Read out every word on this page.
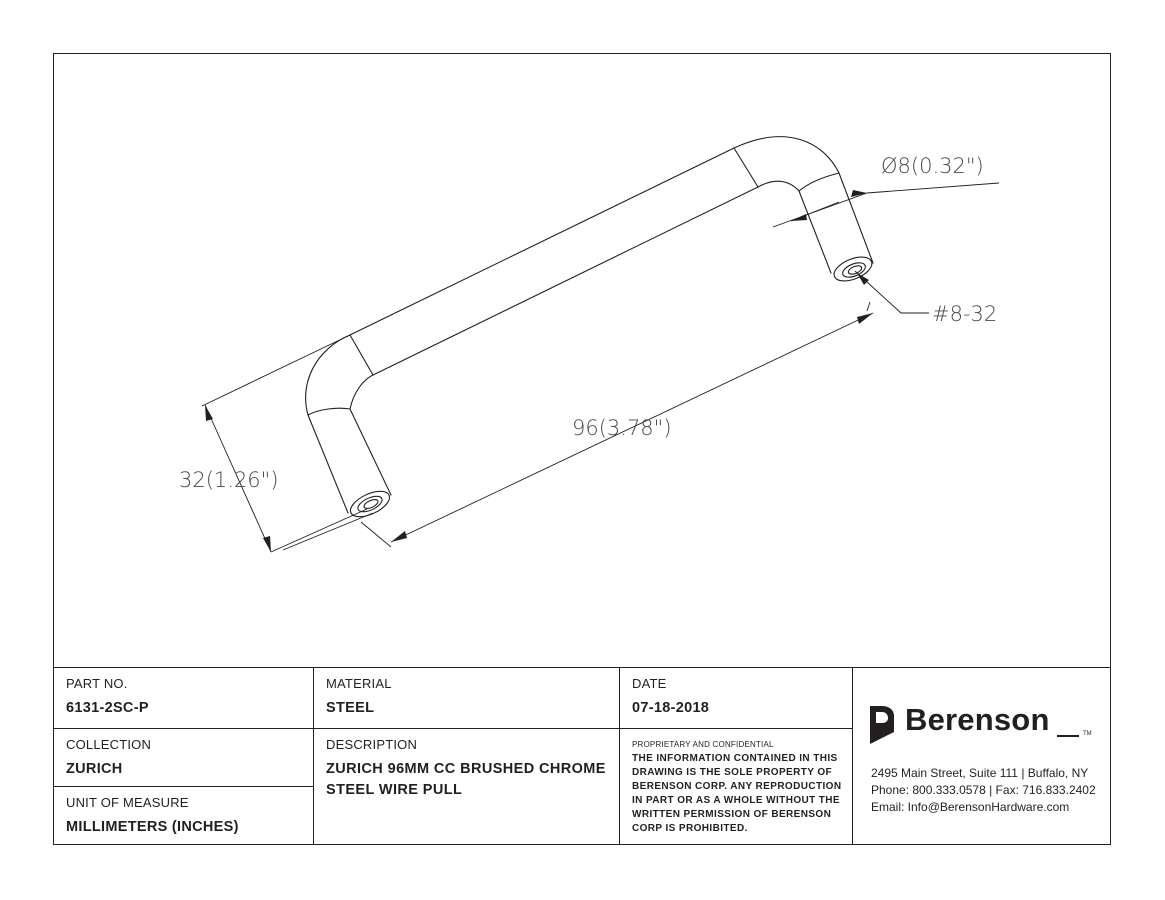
Ø8(0.32")
#8-32
96(3.78")
32(1.26")
PART NO.
6131-2SC-P
MATERIAL
STEEL
DATE
07-18-2018
COLLECTION
ZURICH
UNIT OF MEASURE
MILLIMETERS (INCHES)
DESCRIPTION
ZURICH 96MM CC BRUSHED CHROME STEEL WIRE PULL
PROPRIETARY AND CONFIDENTIAL
THE INFORMATION CONTAINED IN THIS DRAWING IS THE SOLE PROPERTY OF BERENSON CORP. ANY REPRODUCTION IN PART OR AS A WHOLE WITHOUT THE WRITTEN PERMISSION OF BERENSON CORP IS PROHIBITED.
Berenson	TM
2495 Main Street, Suite 111 | Buffalo, NY
Phone: 800.333.0578 | Fax: 716.833.2402
Email: Info@BerensonHardware.com
